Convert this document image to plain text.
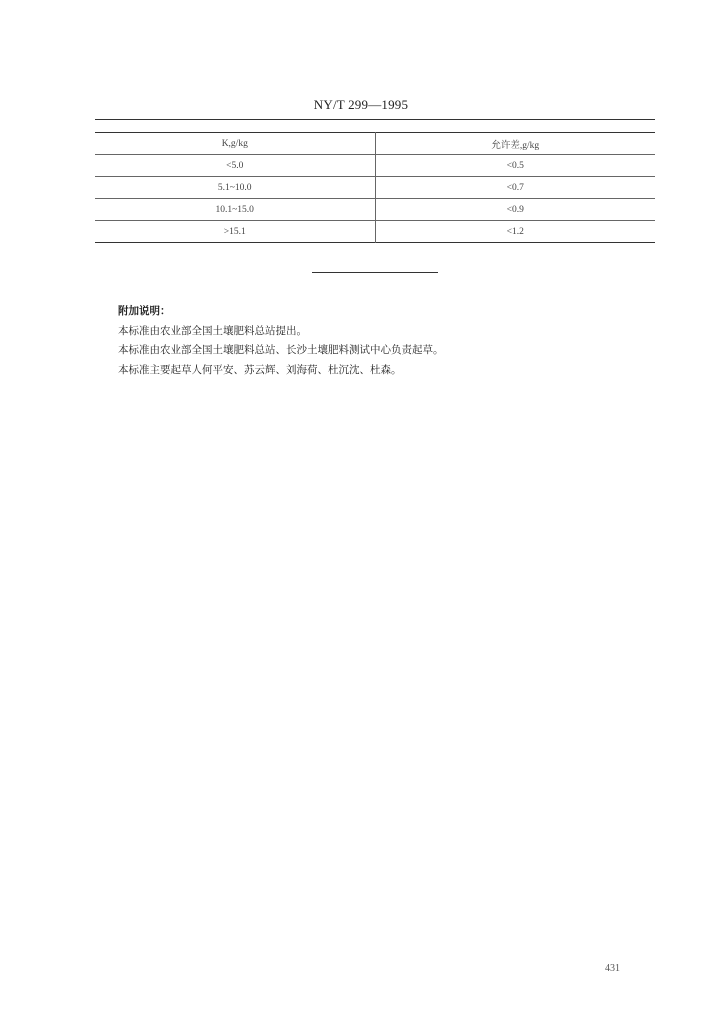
NY/T 299—1995
K,g/kg	允许差,g/kg
<5.0	<0.5
5.1~10.0	<0.7
10.1~15.0	<0.9
>15.1	<1.2
附加说明：
本标准由农业部全国土壤肥料总站提出。
本标准由农业部全国土壤肥料总站、长沙土壤肥料测试中心负责起草。
本标准主要起草人何平安、苏云辉、刘海荷、杜沉沈、杜森。
431
